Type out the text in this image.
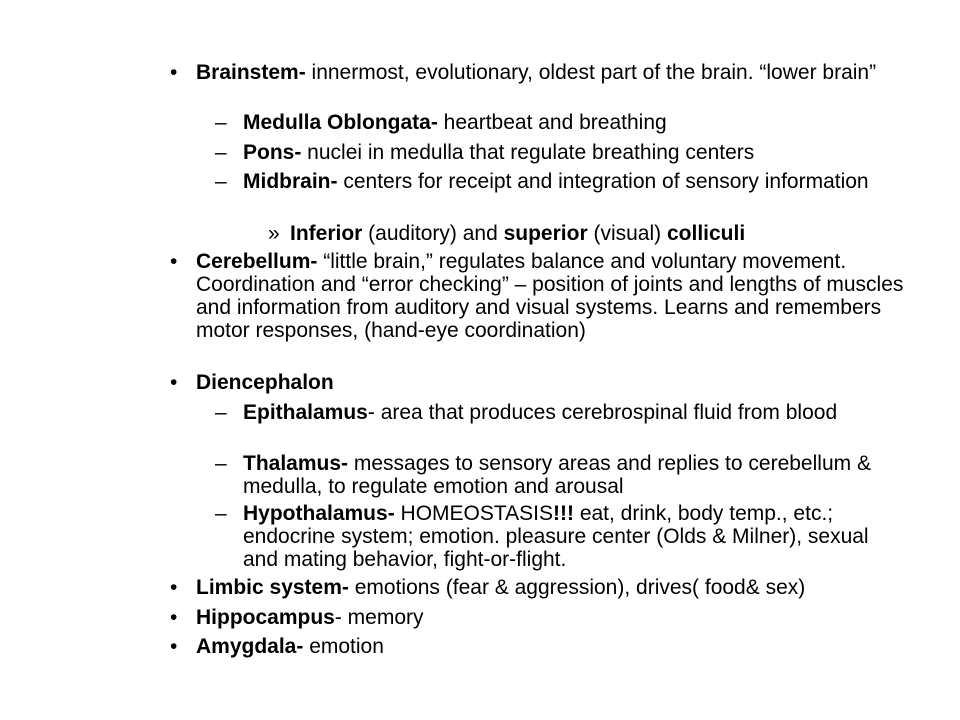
• Brainstem- innermost, evolutionary, oldest part of the brain. “lower brain”

– Medulla Oblongata- heartbeat and breathing

– Pons- nuclei in medulla that regulate breathing centers

– Midbrain- centers for receipt and integration of sensory information

» Inferior (auditory) and superior (visual) colliculi

• Cerebellum- “little brain,” regulates balance and voluntary movement. Coordination and “error checking” – position of joints and lengths of muscles and information from auditory and visual systems. Learns and remembers motor responses, (hand-eye coordination)

• Diencephalon

– Epithalamus- area that produces cerebrospinal fluid from blood

– Thalamus- messages to sensory areas and replies to cerebellum & medulla, to regulate emotion and arousal

– Hypothalamus- HOMEOSTASIS!!! eat, drink, body temp., etc.; endocrine system; emotion. pleasure center (Olds & Milner), sexual and mating behavior, fight-or-flight.

• Limbic system- emotions (fear & aggression), drives( food& sex)

• Hippocampus- memory

• Amygdala- emotion
